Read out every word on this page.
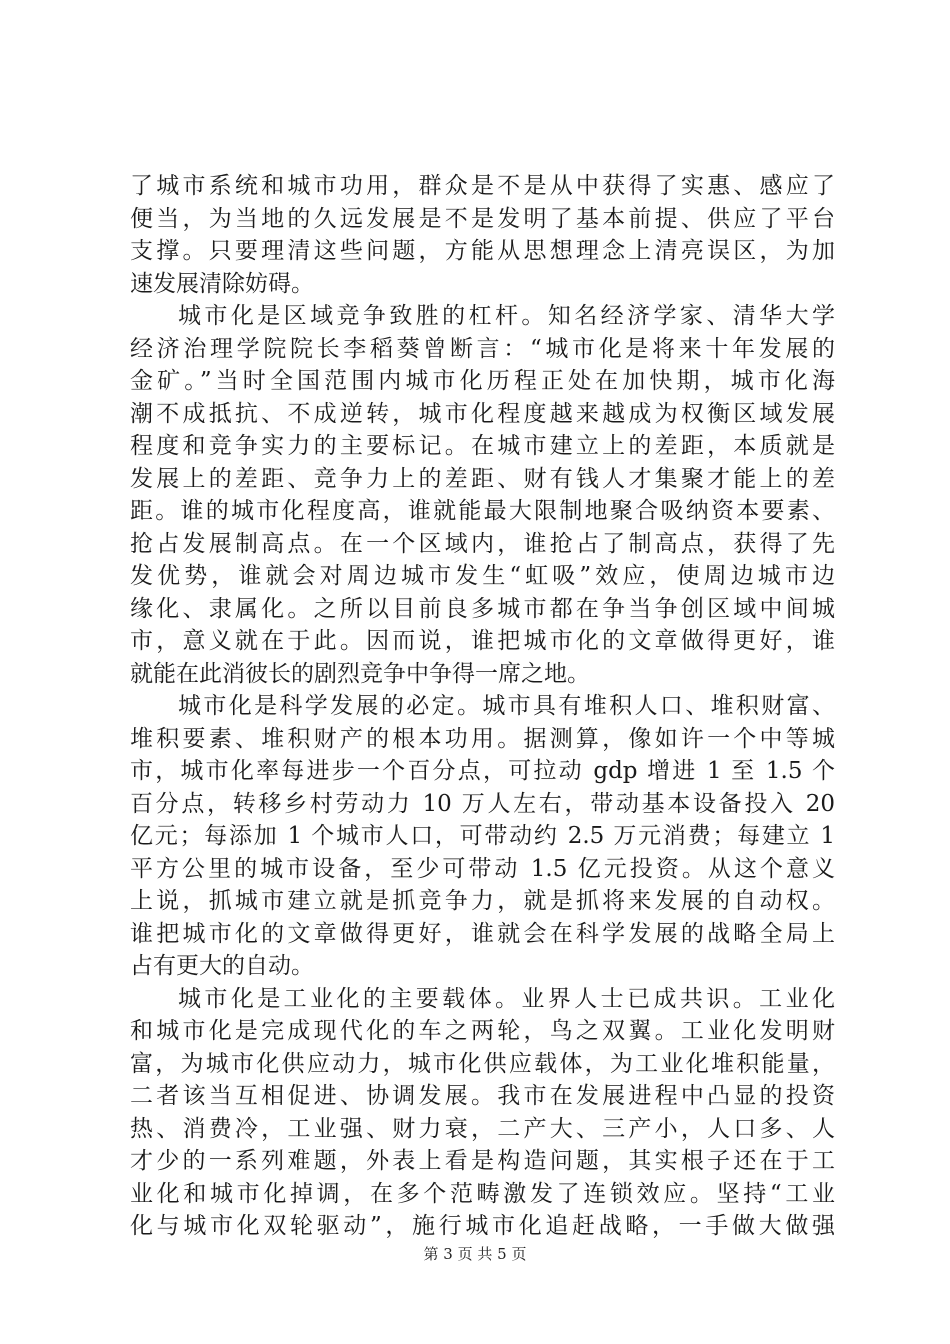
了城市系统和城市功用，群众是不是从中获得了实惠、感应了
便当，为当地的久远发展是不是发明了基本前提、供应了平台
支撑。只要理清这些问题，方能从思想理念上清亮误区，为加
速发展清除妨碍。
城市化是区域竞争致胜的杠杆。知名经济学家、清华大学
经济治理学院院长李稻葵曾断言：“城市化是将来十年发展的
金矿。”当时全国范围内城市化历程正处在加快期，城市化海
潮不成抵抗、不成逆转，城市化程度越来越成为权衡区域发展
程度和竞争实力的主要标记。在城市建立上的差距，本质就是
发展上的差距、竞争力上的差距、财有钱人才集聚才能上的差
距。谁的城市化程度高，谁就能最大限制地聚合吸纳资本要素、
抢占发展制高点。在一个区域内，谁抢占了制高点，获得了先
发优势，谁就会对周边城市发生“虹吸”效应，使周边城市边
缘化、隶属化。之所以目前良多城市都在争当争创区域中间城
市，意义就在于此。因而说，谁把城市化的文章做得更好，谁
就能在此消彼长的剧烈竞争中争得一席之地。
城市化是科学发展的必定。城市具有堆积人口、堆积财富、
堆积要素、堆积财产的根本功用。据测算，像如许一个中等城
市，城市化率每进步一个百分点，可拉动 gdp 增进 1 至 1.5 个
百分点，转移乡村劳动力 10 万人左右，带动基本设备投入 20
亿元；每添加 1 个城市人口，可带动约 2.5 万元消费；每建立 1
平方公里的城市设备，至少可带动 1.5 亿元投资。从这个意义
上说，抓城市建立就是抓竞争力，就是抓将来发展的自动权。
谁把城市化的文章做得更好，谁就会在科学发展的战略全局上
占有更大的自动。
城市化是工业化的主要载体。业界人士已成共识。工业化
和城市化是完成现代化的车之两轮，鸟之双翼。工业化发明财
富，为城市化供应动力，城市化供应载体，为工业化堆积能量，
二者该当互相促进、协调发展。我市在发展进程中凸显的投资
热、消费冷，工业强、财力衰，二产大、三产小，人口多、人
才少的一系列难题，外表上看是构造问题，其实根子还在于工
业化和城市化掉调，在多个范畴激发了连锁效应。坚持“工业
化与城市化双轮驱动”，施行城市化追赶战略，一手做大做强
第 3 页 共 5 页
